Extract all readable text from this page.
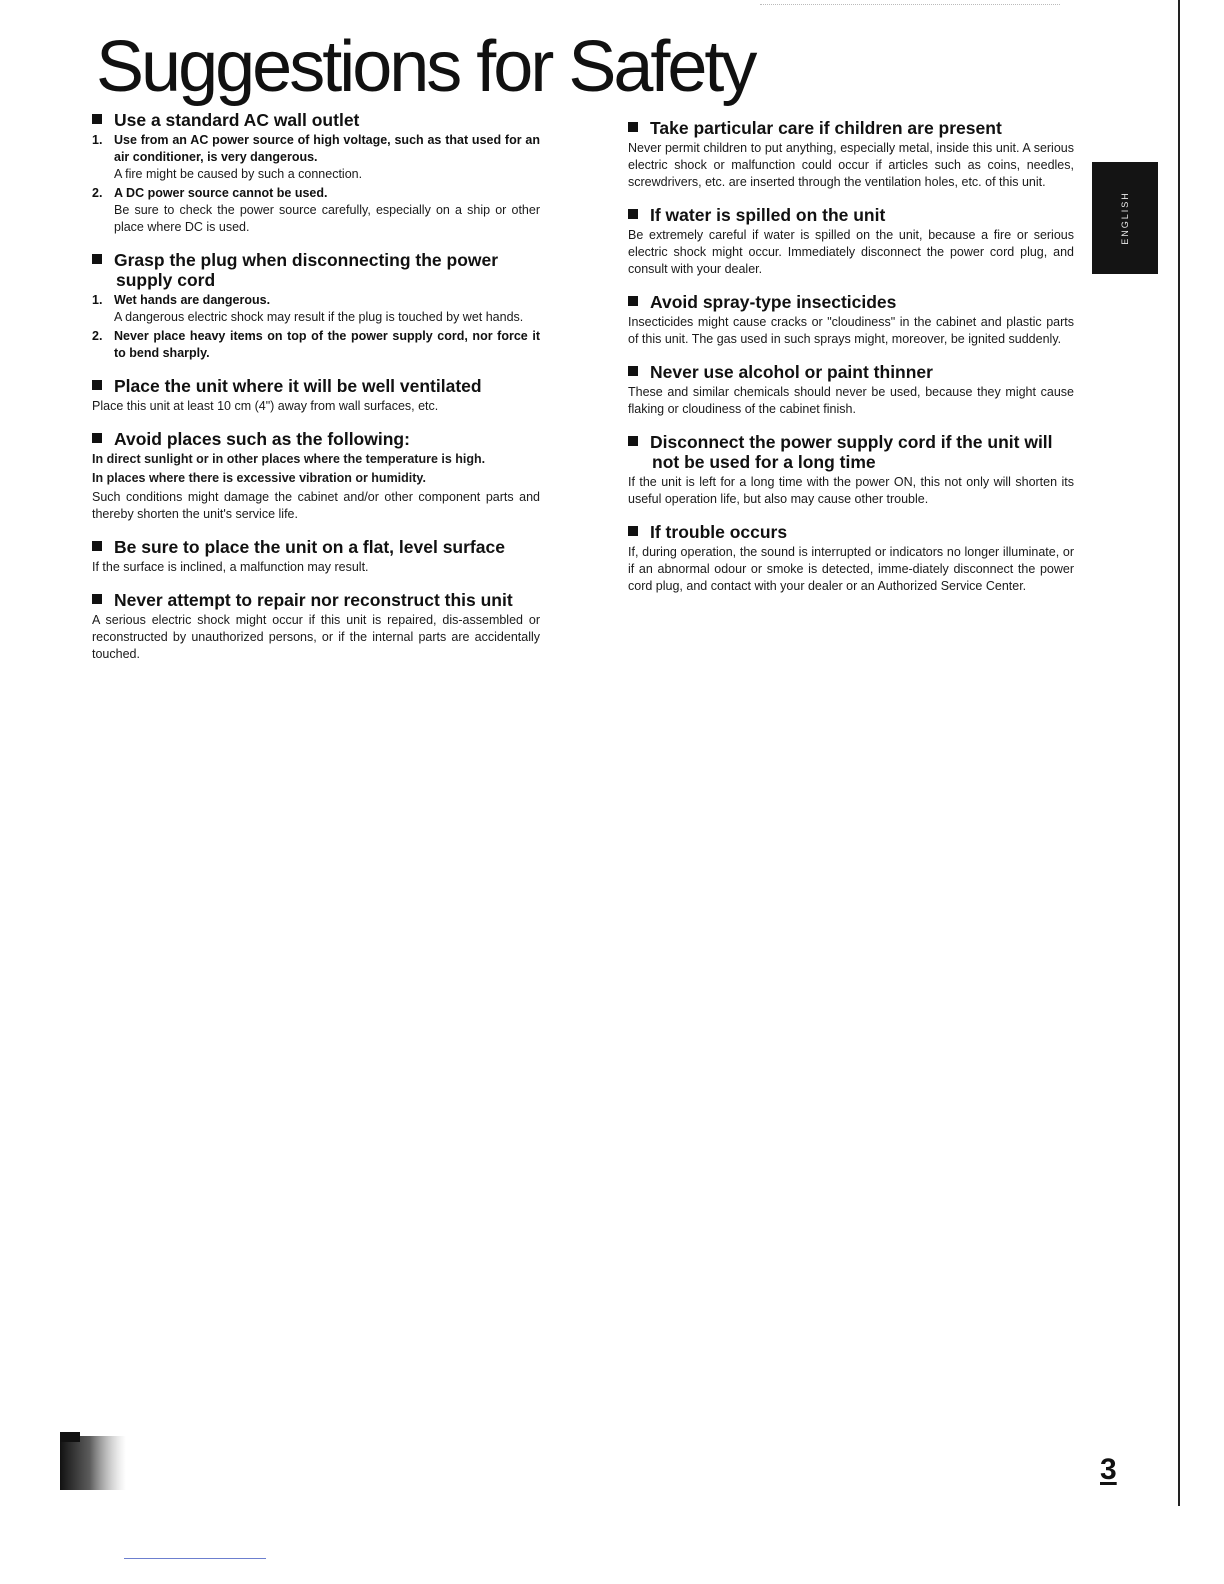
Suggestions for Safety
ENGLISH
Use a standard AC wall outlet
1. Use from an AC power source of high voltage, such as that used for an air conditioner, is very dangerous.

A fire might be caused by such a connection.

2. A DC power source cannot be used.

Be sure to check the power source carefully, especially on a ship or other place where DC is used.

Grasp the plug when disconnecting the power supply cord
1. Wet hands are dangerous.

A dangerous electric shock may result if the plug is touched by wet hands.

2. Never place heavy items on top of the power supply cord, nor force it to bend sharply.

Place the unit where it will be well ventilated

Place this unit at least 10 cm (4") away from wall surfaces, etc.

Avoid places such as the following:

In direct sunlight or in other places where the temperature is high.

In places where there is excessive vibration or humidity.

Such conditions might damage the cabinet and/or other component parts and thereby shorten the unit's service life.

Be sure to place the unit on a flat, level surface

If the surface is inclined, a malfunction may result.

Never attempt to repair nor reconstruct this unit

A serious electric shock might occur if this unit is repaired, dis-assembled or reconstructed by unauthorized persons, or if the internal parts are accidentally touched.

Take particular care if children are present

Never permit children to put anything, especially metal, inside this unit. A serious electric shock or malfunction could occur if articles such as coins, needles, screwdrivers, etc. are inserted through the ventilation holes, etc. of this unit.

If water is spilled on the unit

Be extremely careful if water is spilled on the unit, because a fire or serious electric shock might occur. Immediately disconnect the power cord plug, and consult with your dealer.

Avoid spray-type insecticides

Insecticides might cause cracks or "cloudiness" in the cabinet and plastic parts of this unit. The gas used in such sprays might, moreover, be ignited suddenly.

Never use alcohol or paint thinner

These and similar chemicals should never be used, because they might cause flaking or cloudiness of the cabinet finish.

Disconnect the power supply cord if the unit will not be used for a long time

If the unit is left for a long time with the power ON, this not only will shorten its useful operation life, but also may cause other trouble.

If trouble occurs

If, during operation, the sound is interrupted or indicators no longer illuminate, or if an abnormal odour or smoke is detected, imme-diately disconnect the power cord plug, and contact with your dealer or an Authorized Service Center.

3
